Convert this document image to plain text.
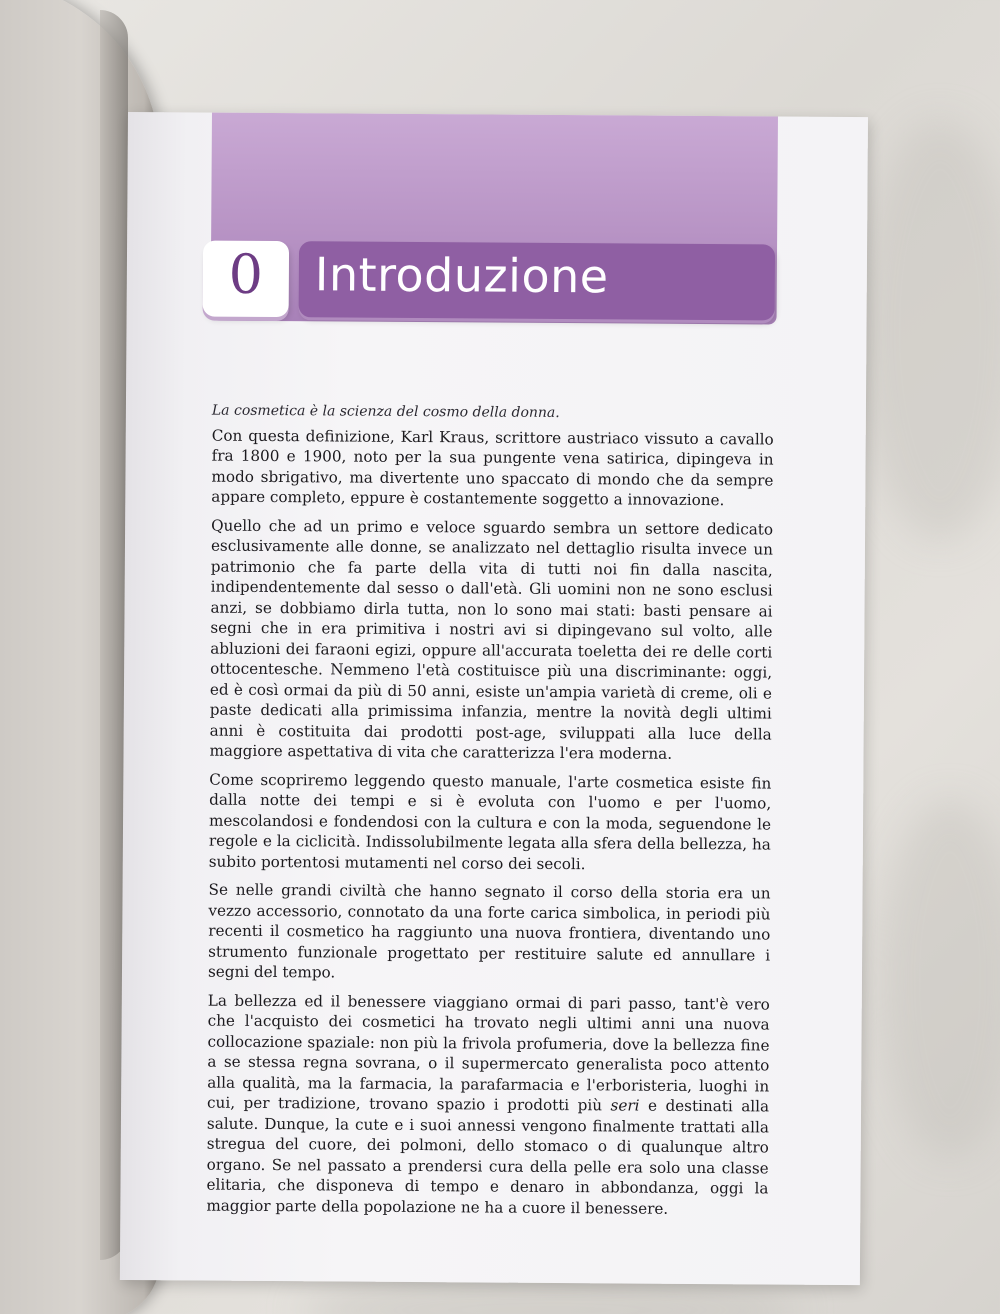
0	Introduzione

La cosmetica è la scienza del cosmo della donna.

Con questa definizione, Karl Kraus, scrittore austriaco vissuto a cavallo fra 1800 e 1900, noto per la sua pungente vena satirica, dipingeva in modo sbrigativo, ma divertente uno spaccato di mondo che da sempre appare completo, eppure è costantemente soggetto a innovazione.

Quello che ad un primo e veloce sguardo sembra un settore dedicato esclusivamente alle donne, se analizzato nel dettaglio risulta invece un patrimonio che fa parte della vita di tutti noi fin dalla nascita, indipendentemente dal sesso o dall'età. Gli uomini non ne sono esclusi anzi, se dobbiamo dirla tutta, non lo sono mai stati: basti pensare ai segni che in era primitiva i nostri avi si dipingevano sul volto, alle abluzioni dei faraoni egizi, oppure all'accurata toeletta dei re delle corti ottocentesche. Nemmeno l'età costituisce più una discriminante: oggi, ed è così ormai da più di 50 anni, esiste un'ampia varietà di creme, oli e paste dedicati alla primissima infanzia, mentre la novità degli ultimi anni è costituita dai prodotti post-age, sviluppati alla luce della maggiore aspettativa di vita che caratterizza l'era moderna.

Come scopriremo leggendo questo manuale, l'arte cosmetica esiste fin dalla notte dei tempi e si è evoluta con l'uomo e per l'uomo, mescolandosi e fondendosi con la cultura e con la moda, seguendone le regole e la ciclicità. Indissolubilmente legata alla sfera della bellezza, ha subito portentosi mutamenti nel corso dei secoli.

Se nelle grandi civiltà che hanno segnato il corso della storia era un vezzo accessorio, connotato da una forte carica simbolica, in periodi più recenti il cosmetico ha raggiunto una nuova frontiera, diventando uno strumento funzionale progettato per restituire salute ed annullare i segni del tempo.

La bellezza ed il benessere viaggiano ormai di pari passo, tant'è vero che l'acquisto dei cosmetici ha trovato negli ultimi anni una nuova collocazione spaziale: non più la frivola profumeria, dove la bellezza fine a se stessa regna sovrana, o il supermercato generalista poco attento alla qualità, ma la farmacia, la parafarmacia e l'erboristeria, luoghi in cui, per tradizione, trovano spazio i prodotti più seri e destinati alla salute. Dunque, la cute e i suoi annessi vengono finalmente trattati alla stregua del cuore, dei polmoni, dello stomaco o di qualunque altro organo. Se nel passato a prendersi cura della pelle era solo una classe elitaria, che disponeva di tempo e denaro in abbondanza, oggi la maggior parte della popolazione ne ha a cuore il benessere.
